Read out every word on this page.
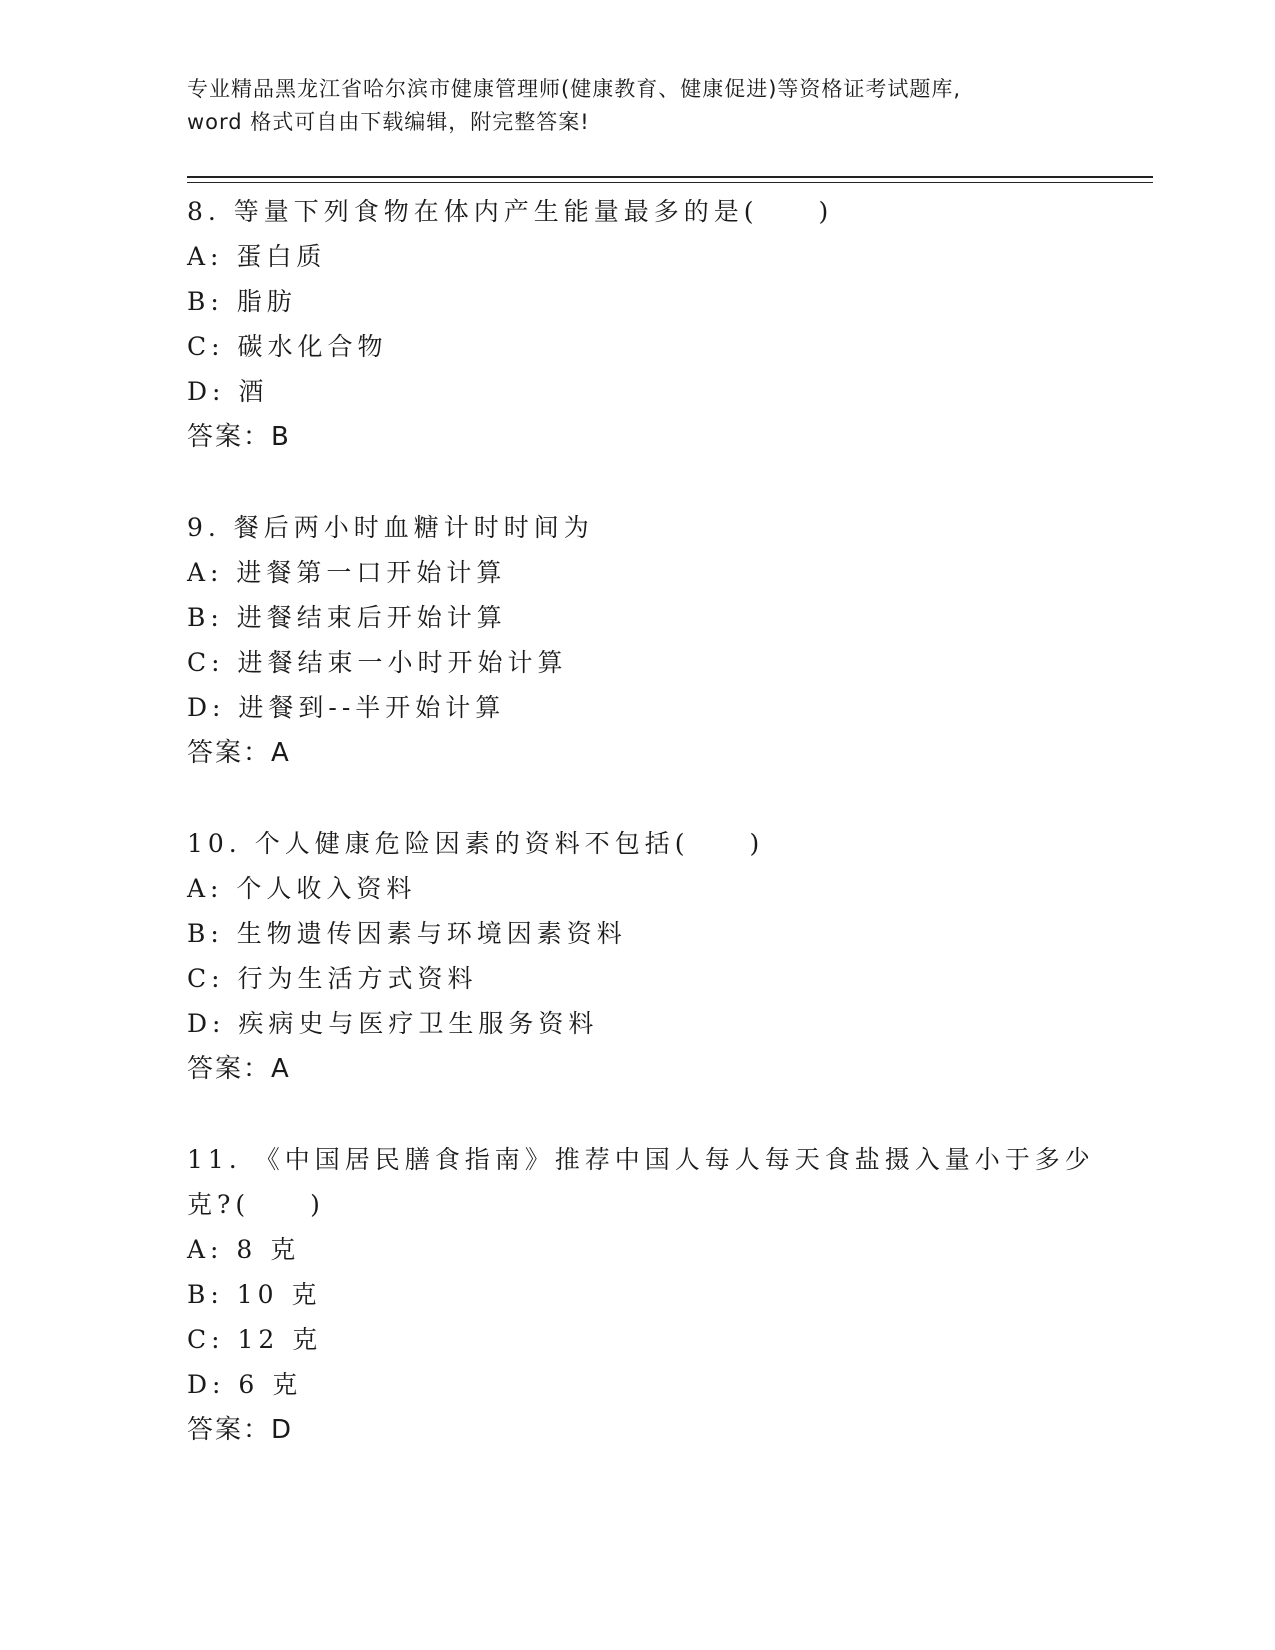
专业精品黑龙江省哈尔滨市健康管理师(健康教育、健康促进)等资格证考试题库,
word 格式可自由下载编辑，附完整答案!
8. 等量下列食物在体内产生能量最多的是(　　)
A: 蛋白质
B: 脂肪
C: 碳水化合物
D: 酒
答案：B
9. 餐后两小时血糖计时时间为
A: 进餐第一口开始计算
B: 进餐结束后开始计算
C: 进餐结束一小时开始计算
D: 进餐到--半开始计算
答案：A
10. 个人健康危险因素的资料不包括(　　)
A: 个人收入资料
B: 生物遗传因素与环境因素资料
C: 行为生活方式资料
D: 疾病史与医疗卫生服务资料
答案：A
11. 《中国居民膳食指南》推荐中国人每人每天食盐摄入量小于多少
克?(　　)
A: 8 克
B: 10 克
C: 12 克
D: 6 克
答案：D
